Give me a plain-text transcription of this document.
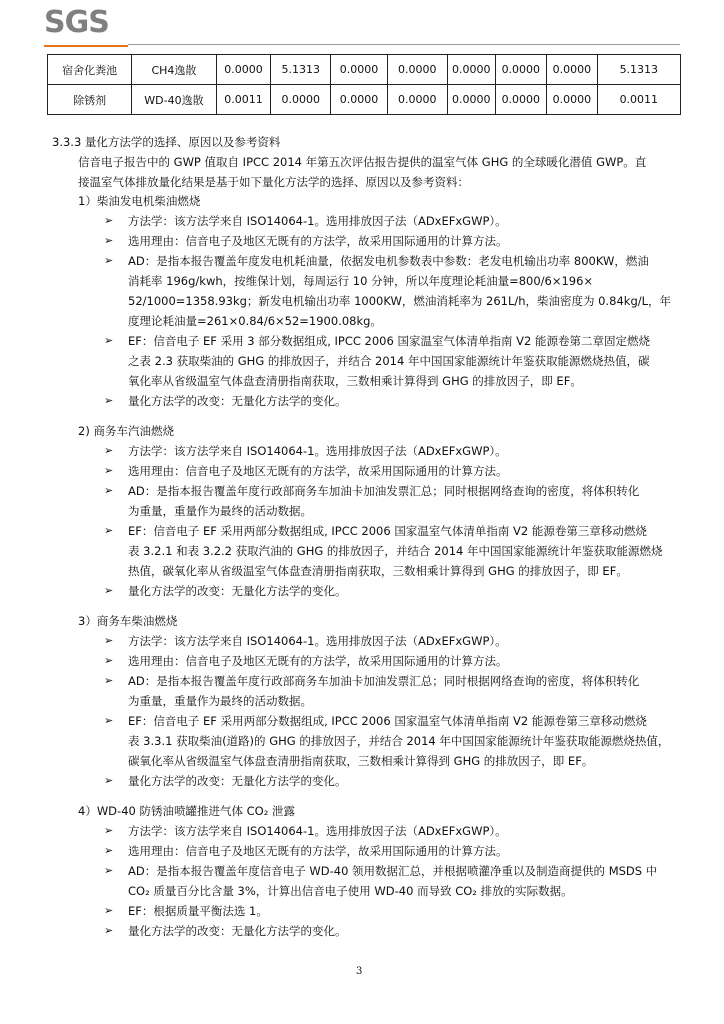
SGS
宿舍化粪池	CH4逸散	0.0000	5.1313	0.0000	0.0000	0.0000	0.0000	0.0000	5.1313
除锈剂	WD-40逸散	0.0011	0.0000	0.0000	0.0000	0.0000	0.0000	0.0000	0.0011
3.3.3 量化方法学的选择、原因以及参考资料
信音电子报告中的 GWP 值取自 IPCC 2014 年第五次评估报告提供的温室气体 GHG 的全球暖化潜值 GWP。直
接温室气体排放量化结果是基于如下量化方法学的选择、原因以及参考资料：
1）柴油发电机柴油燃烧
➢ 方法学：该方法学来自 ISO14064-1。选用排放因子法（ADxEFxGWP）。
➢ 选用理由：信音电子及地区无既有的方法学，故采用国际通用的计算方法。
➢ AD：是指本报告覆盖年度发电机耗油量，依据发电机参数表中参数：老发电机输出功率 800KW，燃油
消耗率 196g/kwh，按维保计划，每周运行 10 分钟，所以年度理论耗油量=800/6×196×
52/1000=1358.93kg；新发电机输出功率 1000KW，燃油消耗率为 261L/h，柴油密度为 0.84kg/L，年
度理论耗油量=261×0.84/6×52=1900.08kg。
➢ EF：信音电子 EF 采用 3 部分数据组成, IPCC 2006 国家温室气体清单指南 V2 能源卷第二章固定燃烧
之表 2.3 获取柴油的 GHG 的排放因子，并结合 2014 年中国国家能源统计年鉴获取能源燃烧热值，碳
氧化率从省级温室气体盘查清册指南获取，三数相乘计算得到 GHG 的排放因子，即 EF。
➢ 量化方法学的改变：无量化方法学的变化。
2) 商务车汽油燃烧
➢ 方法学：该方法学来自 ISO14064-1。选用排放因子法（ADxEFxGWP）。
➢ 选用理由：信音电子及地区无既有的方法学，故采用国际通用的计算方法。
➢ AD：是指本报告覆盖年度行政部商务车加油卡加油发票汇总；同时根据网络查询的密度，将体积转化
为重量，重量作为最终的活动数据。
➢ EF：信音电子 EF 采用两部分数据组成, IPCC 2006 国家温室气体清单指南 V2 能源卷第三章移动燃烧
表 3.2.1 和表 3.2.2 获取汽油的 GHG 的排放因子，并结合 2014 年中国国家能源统计年鉴获取能源燃烧
热值，碳氧化率从省级温室气体盘查清册指南获取，三数相乘计算得到 GHG 的排放因子，即 EF。
➢ 量化方法学的改变：无量化方法学的变化。
3）商务车柴油燃烧
➢ 方法学：该方法学来自 ISO14064-1。选用排放因子法（ADxEFxGWP）。
➢ 选用理由：信音电子及地区无既有的方法学，故采用国际通用的计算方法。
➢ AD：是指本报告覆盖年度行政部商务车加油卡加油发票汇总；同时根据网络查询的密度，将体积转化
为重量，重量作为最终的活动数据。
➢ EF：信音电子 EF 采用两部分数据组成, IPCC 2006 国家温室气体清单指南 V2 能源卷第三章移动燃烧
表 3.3.1 获取柴油(道路)的 GHG 的排放因子，并结合 2014 年中国国家能源统计年鉴获取能源燃烧热值，
碳氧化率从省级温室气体盘查清册指南获取，三数相乘计算得到 GHG 的排放因子，即 EF。
➢ 量化方法学的改变：无量化方法学的变化。
4）WD-40 防锈油喷罐推进气体 CO₂ 泄露
➢ 方法学：该方法学来自 ISO14064-1。选用排放因子法（ADxEFxGWP）。
➢ 选用理由：信音电子及地区无既有的方法学，故采用国际通用的计算方法。
➢ AD：是指本报告覆盖年度信音电子 WD-40 领用数据汇总，并根据喷灌净重以及制造商提供的 MSDS 中
CO₂ 质量百分比含量 3%，计算出信音电子使用 WD-40 而导致 CO₂ 排放的实际数据。
➢ EF：根据质量平衡法选 1。
➢ 量化方法学的改变：无量化方法学的变化。
3
